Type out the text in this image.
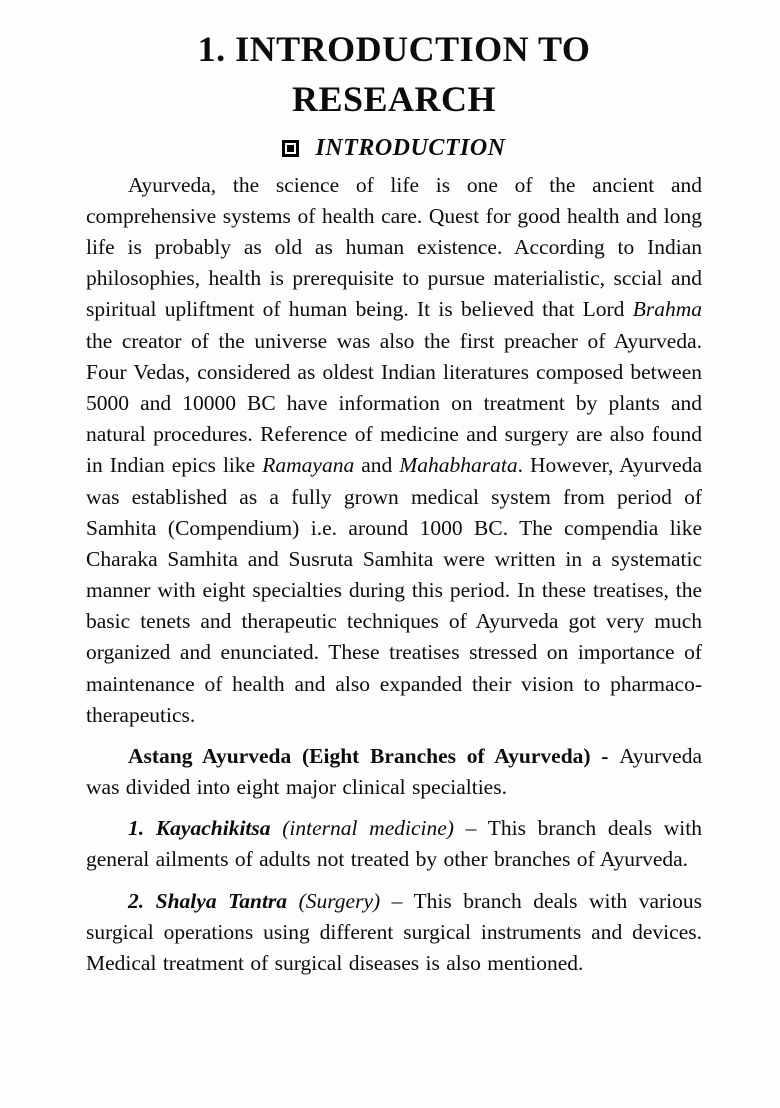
1. INTRODUCTION TO
RESEARCH
INTRODUCTION

Ayurveda, the science of life is one of the ancient and comprehensive systems of health care. Quest for good health and long life is probably as old as human existence. According to Indian philosophies, health is prerequisite to pursue materialistic, sccial and spiritual upliftment of human being. It is believed that Lord Brahma the creator of the universe was also the first preacher of Ayurveda. Four Vedas, considered as oldest Indian literatures composed between 5000 and 10000 BC have information on treatment by plants and natural procedures. Reference of medicine and surgery are also found in Indian epics like Ramayana and Mahabharata. However, Ayurveda was established as a fully grown medical system from period of Samhita (Compendium) i.e. around 1000 BC. The compendia like Charaka Samhita and Susruta Samhita were written in a systematic manner with eight specialties during this period. In these treatises, the basic tenets and therapeutic techniques of Ayurveda got very much organized and enunciated. These treatises stressed on importance of maintenance of health and also expanded their vision to pharmaco-therapeutics.

Astang Ayurveda (Eight Branches of Ayurveda) - Ayurveda was divided into eight major clinical specialties.

1. Kayachikitsa (internal medicine) – This branch deals with general ailments of adults not treated by other branches of Ayurveda.

2. Shalya Tantra (Surgery) – This branch deals with various surgical operations using different surgical instruments and devices. Medical treatment of surgical diseases is also mentioned.
